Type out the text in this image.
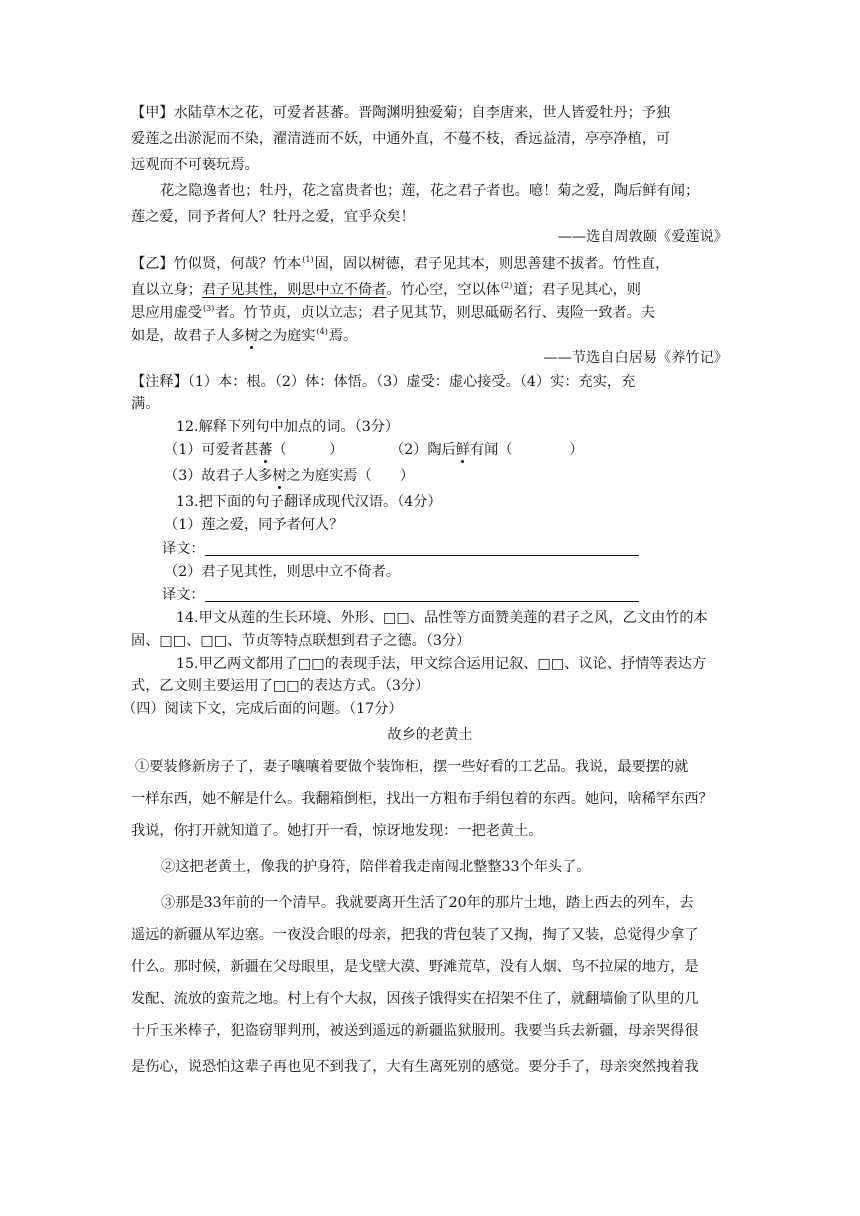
【甲】水陆草木之花，可爱者甚蕃。晋陶渊明独爱菊；自李唐来，世人皆爱牡丹；予独
爱莲之出淤泥而不染，濯清涟而不妖，中通外直，不蔓不枝，香远益清，亭亭净植，可
远观而不可亵玩焉。
花之隐逸者也；牡丹，花之富贵者也；莲，花之君子者也。噫！菊之爱，陶后鲜有闻；
莲之爱，同予者何人？牡丹之爱，宜乎众矣！
——选自周敦颐《爱莲说》
【乙】竹似贤，何哉？竹本$^{(1)}$固，固以树德，君子见其本，则思善建不拔者。竹性直，
直以立身；君子见其性，则思中立不倚者。竹心空，空以体$^{(2)}$道；君子见其心，则
思应用虚受$^{(3)}$者。竹节贞，贞以立志；君子见其节，则思砥砺名行、夷险一致者。夫
如是，故君子人多树之为庭实$^{(4)}$焉。
——节选自白居易《养竹记》
【注释】（1）本：根。（2）体：体悟。（3）虚受：虚心接受。（4）实：充实，充
满。
12.解释下列句中加点的词。（3分）
（1）可爱者甚蕃（　　　）	（2）陶后鲜有闻（　　　　）
（3）故君子人多树之为庭实焉（　　）
13.把下面的句子翻译成现代汉语。（4分）
（1）莲之爱，同予者何人？
译文：
（2）君子见其性，则思中立不倚者。
译文：
14.甲文从莲的生长环境、外形、□□、品性等方面赞美莲的君子之风，乙文由竹的本
固、□□、□□、节贞等特点联想到君子之德。（3分）
15.甲乙两文都用了□□的表现手法，甲文综合运用记叙、□□、议论、抒情等表达方
式，乙文则主要运用了□□的表达方式。（3分）
（四）阅读下文，完成后面的问题。（17分）
故乡的老黄土
①要装修新房子了，妻子嚷嚷着要做个装饰柜，摆一些好看的工艺品。我说，最要摆的就
一样东西，她不解是什么。我翻箱倒柜，找出一方粗布手绢包着的东西。她问，啥稀罕东西？
我说，你打开就知道了。她打开一看，惊讶地发现：一把老黄土。
②这把老黄土，像我的护身符，陪伴着我走南闯北整整33个年头了。
③那是33年前的一个清早。我就要离开生活了20年的那片土地，踏上西去的列车，去
遥远的新疆从军边塞。一夜没合眼的母亲，把我的背包装了又掏，掏了又装，总觉得少拿了
什么。那时候，新疆在父母眼里，是戈壁大漠、野滩荒草，没有人烟、鸟不拉屎的地方，是
发配、流放的蛮荒之地。村上有个大叔，因孩子饿得实在招架不住了，就翻墙偷了队里的几
十斤玉米棒子，犯盗窃罪判刑，被送到遥远的新疆监狱服刑。我要当兵去新疆，母亲哭得很
是伤心，说恐怕这辈子再也见不到我了，大有生离死别的感觉。要分手了，母亲突然拽着我
